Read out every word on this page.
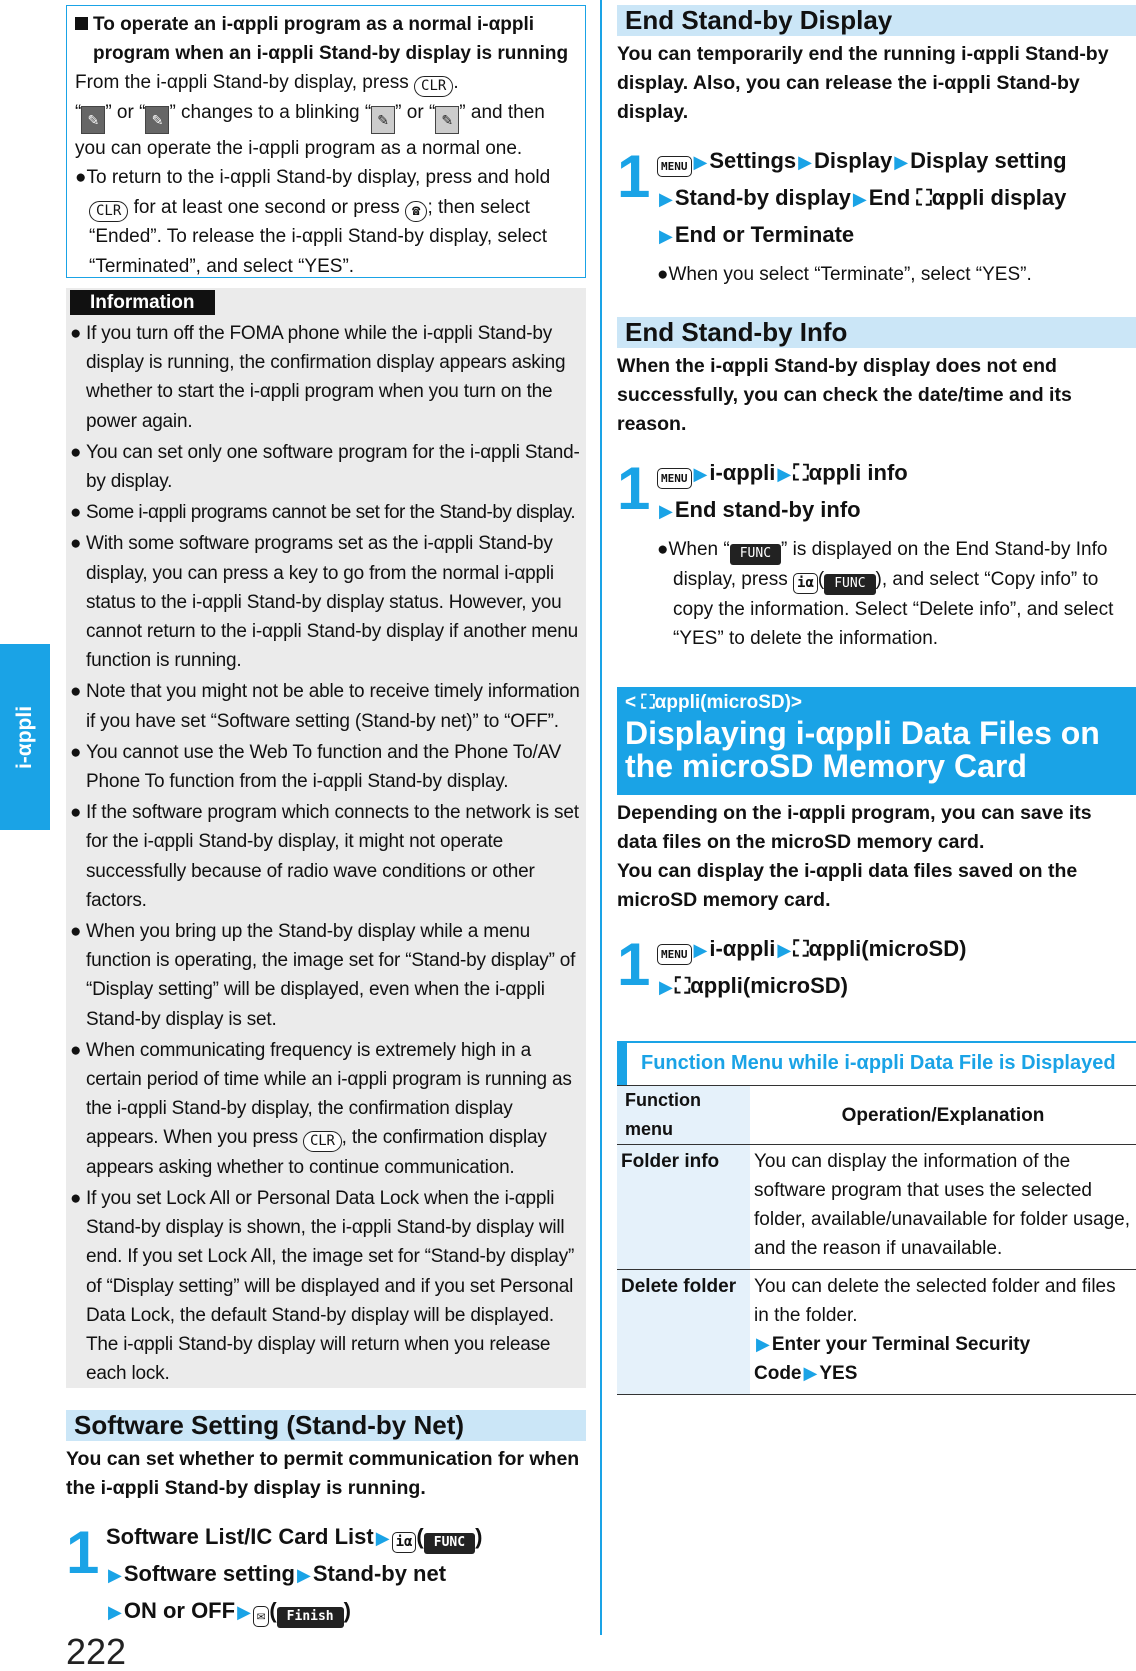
i-αppli
To operate an i-αppli program as a normal i-αppli program when an i-αppli Stand-by display is running

From the i-αppli Stand-by display, press CLR .

“ ✎ ” or “ ✎ ” changes to a blinking “ ✎ ” or “ ✎ ” and then you can operate the i-αppli program as a normal one.

●To return to the i-αppli Stand-by display, press and hold CLR for at least one second or press ☎ ; then select “Ended”. To release the i-αppli Stand-by display, select “Terminated”, and select “YES”.

Information
● If you turn off the FOMA phone while the i-αppli Stand-by display is running, the confirmation display appears asking whether to start the i-αppli program when you turn on the power again.
● You can set only one software program for the i-αppli Stand-by display.
● Some i-αppli programs cannot be set for the Stand-by display.
● With some software programs set as the i-αppli Stand-by display, you can press a key to go from the normal i-αppli status to the i-αppli Stand-by display status. However, you cannot return to the i-αppli Stand-by display if another menu function is running.
● Note that you might not be able to receive timely information if you have set “Software setting (Stand-by net)” to “OFF”.
● You cannot use the Web To function and the Phone To/AV Phone To function from the i-αppli Stand-by display.
● If the software program which connects to the network is set for the i-αppli Stand-by display, it might not operate successfully because of radio wave conditions or other factors.
● When you bring up the Stand-by display while a menu function is operating, the image set for “Stand-by display” of “Display setting” will be displayed, even when the i-αppli Stand-by display is set.
● When communicating frequency is extremely high in a certain period of time while an i-αppli program is running as the i-αppli Stand-by display, the confirmation display appears. When you press CLR , the confirmation display appears asking whether to continue communication.
● If you set Lock All or Personal Data Lock when the i-αppli Stand-by display is shown, the i-αppli Stand-by display will end. If you set Lock All, the image set for “Stand-by display” of “Display setting” will be displayed and if you set Personal Data Lock, the default Stand-by display will be displayed. The i-αppli Stand-by display will return when you release each lock.
Software Setting (Stand-by Net)
You can set whether to permit communication for when the i-αppli Stand-by display is running.
1 Software List/IC Card List ▶ iα ( FUNC )
▶Software setting ▶Stand-by net
▶ON or OFF ▶ ✉ ( Finish )
222
End Stand-by Display
You can temporarily end the running i-αppli Stand-by display. Also, you can release the i-αppli Stand-by display.
1 MENU ▶Settings ▶Display ▶Display setting
▶Stand-by display ▶End ⛶αppli display
▶End or Terminate
●When you select “Terminate”, select “YES”.
End Stand-by Info
When the i-αppli Stand-by display does not end successfully, you can check the date/time and its reason.
1 MENU ▶i-αppli ▶⛶αppli info
▶End stand-by info
●When “ FUNC ” is displayed on the End Stand-by Info display, press iα ( FUNC ), and select “Copy info” to copy the information. Select “Delete info”, and select “YES” to delete the information.
< ⛶αppli(microSD)>
Displaying i-αppli Data Files on the microSD Memory Card
Depending on the i-αppli program, you can save its data files on the microSD memory card.
You can display the i-αppli data files saved on the microSD memory card.
1 MENU ▶i-αppli ▶⛶αppli(microSD)
▶⛶αppli(microSD)
Function Menu while i-αppli Data File is Displayed
Function menu	Operation/Explanation
Folder info	You can display the information of the software program that uses the selected folder, available/unavailable for folder usage, and the reason if unavailable.
Delete folder	You can delete the selected folder and files in the folder.
▶ Enter your Terminal Security Code ▶ YES
